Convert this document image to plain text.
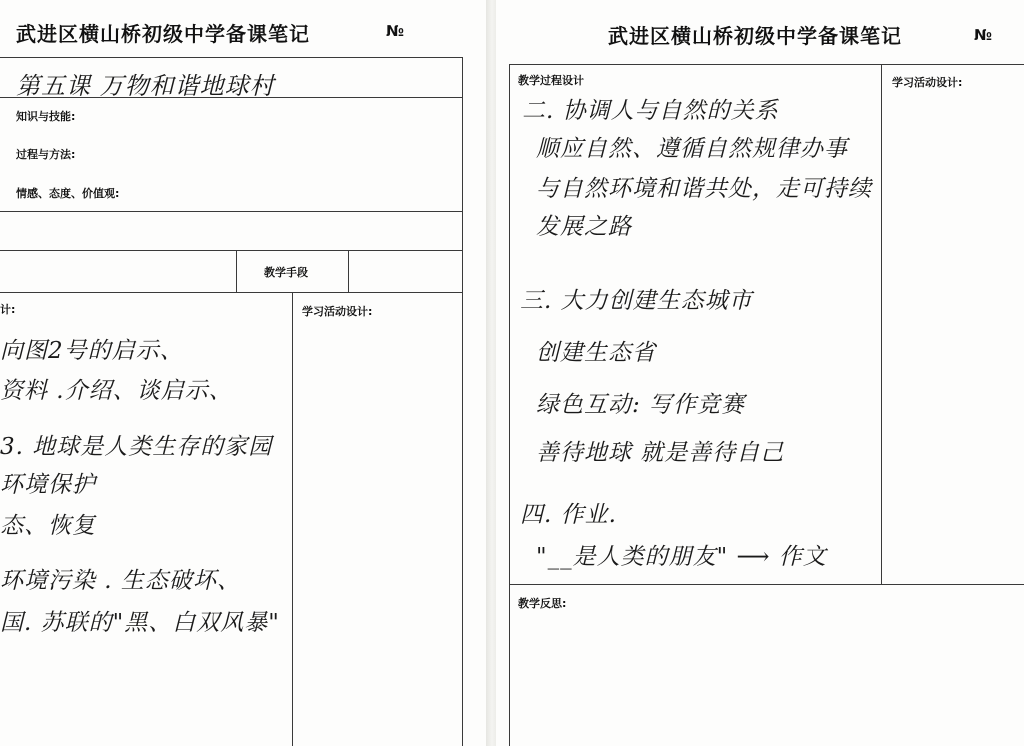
武进区横山桥初级中学备课笔记	№
第五课 万物和谐地球村
知识与技能:
过程与方法:
情感、态度、价值观:
教学手段
计:	学习活动设计:
向图2号的启示、
资料 .介绍、谈启示、
3. 地球是人类生存的家园
环境保护
态、恢复
环境污染 . 生态破坏、
国. 苏联的"黑、白双风暴"
武进区横山桥初级中学备课笔记	№
教学过程设计	学习活动设计:
教学反思:
二. 协调人与自然的关系
顺应自然、遵循自然规律办事
与自然环境和谐共处，走可持续
发展之路
三. 大力创建生态城市
创建生态省
绿色互动: 写作竞赛
善待地球 就是善待自己
四. 作业.
"__是人类的朋友" ⟶ 作文
